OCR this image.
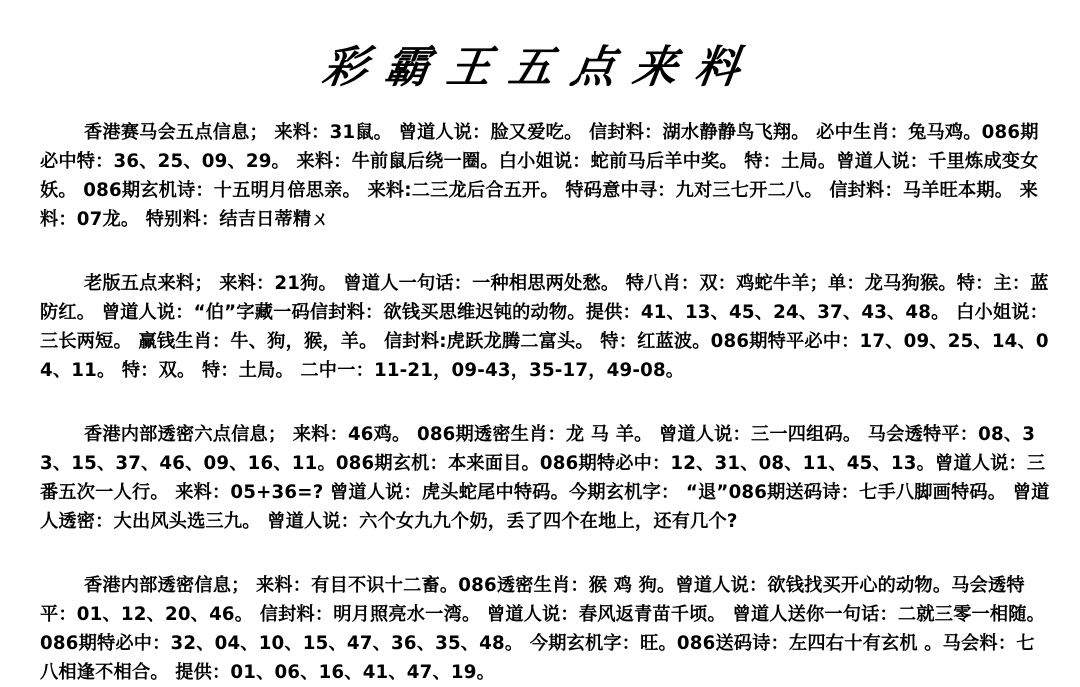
彩霸王五点来料

香港赛马会五点信息； 来料：31鼠。 曾道人说：脸又爱吃。 信封料：湖水静静鸟飞翔。 必中生肖：兔马鸡。086期必中特：36、25、09、29。 来料：牛前鼠后绕一圈。白小姐说：蛇前马后羊中奖。 特：土局。曾道人说：千里炼成变女妖。 086期玄机诗：十五明月倍思亲。 来料:二三龙后合五开。 特码意中寻：九对三七开二八。 信封料：马羊旺本期。 来料：07龙。 特别料：结吉日蒂精ㄨ

老版五点来料； 来料：21狗。 曾道人一句话：一种相思两处愁。 特八肖：双：鸡蛇牛羊；单：龙马狗猴。特：主：蓝防红。 曾道人说：“伯”字藏一码信封料：欲钱买思维迟钝的动物。提供：41、13、45、24、37、43、48。 白小姐说：三长两短。 赢钱生肖：牛、狗，猴，羊。 信封料:虎跃龙腾二富头。 特：红蓝波。086期特平必中：17、09、25、14、04、11。 特：双。 特：土局。 二中一：11-21，09-43，35-17，49-08。

香港内部透密六点信息； 来料：46鸡。 086期透密生肖：龙 马 羊。 曾道人说：三一四组码。 马会透特平：08、33、15、37、46、09、16、11。086期玄机：本来面目。086期特必中：12、31、08、11、45、13。曾道人说：三番五次一人行。 来料：05+36=? 曾道人说：虎头蛇尾中特码。今期玄机字： “退”086期送码诗：七手八脚画特码。 曾道人透密：大出风头选三九。 曾道人说：六个女九九个奶，丢了四个在地上，还有几个?

香港内部透密信息； 来料：有目不识十二畜。086透密生肖：猴 鸡 狗。曾道人说：欲钱找买开心的动物。马会透特平：01、12、20、46。 信封料：明月照亮水一湾。 曾道人说：春风返青苗千顷。 曾道人送你一句话：二就三零一相随。086期特必中：32、04、10、15、47、36、35、48。 今期玄机字：旺。086送码诗：左四右十有玄机 。马会料：七八相逢不相合。 提供：01、06、16、41、47、19。
